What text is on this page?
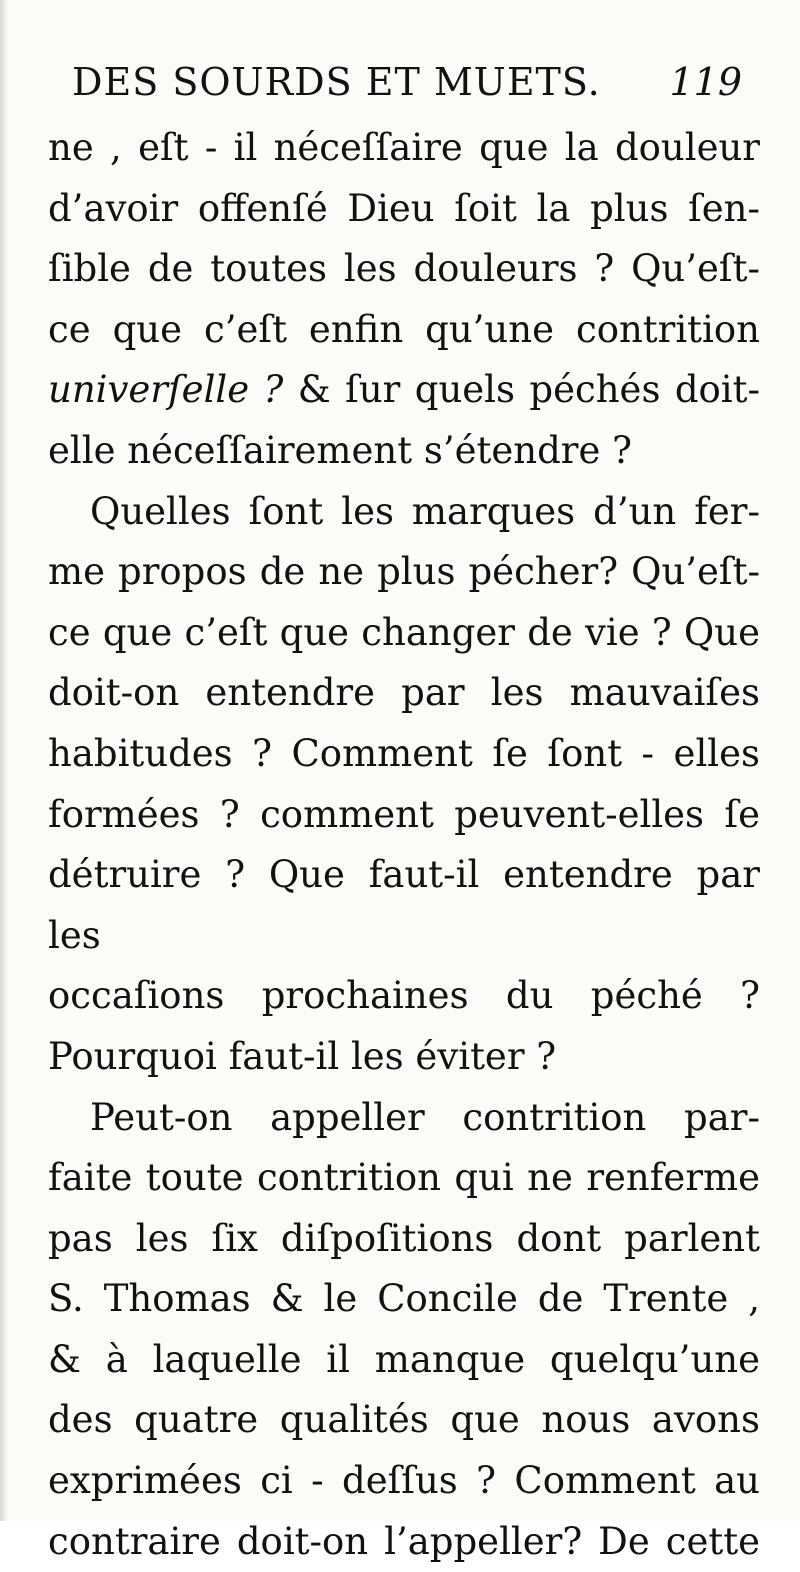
DES SOURDS ET MUETS. 119
ne , eſt - il néceſſaire que la douleur
d’avoir offenſé Dieu ſoit la plus ſen-
ſible de toutes les douleurs ? Qu’eſt-
ce que c’eſt enfin qu’une contrition
univerſelle ? & ſur quels péchés doit-
elle néceſſairement s’étendre ?
Quelles ſont les marques d’un fer-
me propos de ne plus pécher? Qu’eſt-
ce que c’eſt que changer de vie ? Que
doit-on entendre par les mauvaiſes
habitudes ? Comment ſe ſont - elles
formées ? comment peuvent-elles ſe
détruire ? Que faut-il entendre par les
occaſions prochaines du péché ?
Pourquoi faut-il les éviter ?
Peut-on appeller contrition par-
faite toute contrition qui ne renferme
pas les ſix diſpoſitions dont parlent
S. Thomas & le Concile de Trente ,
& à laquelle il manque quelqu’une
des quatre qualités que nous avons
exprimées ci - deſſus ? Comment au
contraire doit-on l’appeller? De cette
